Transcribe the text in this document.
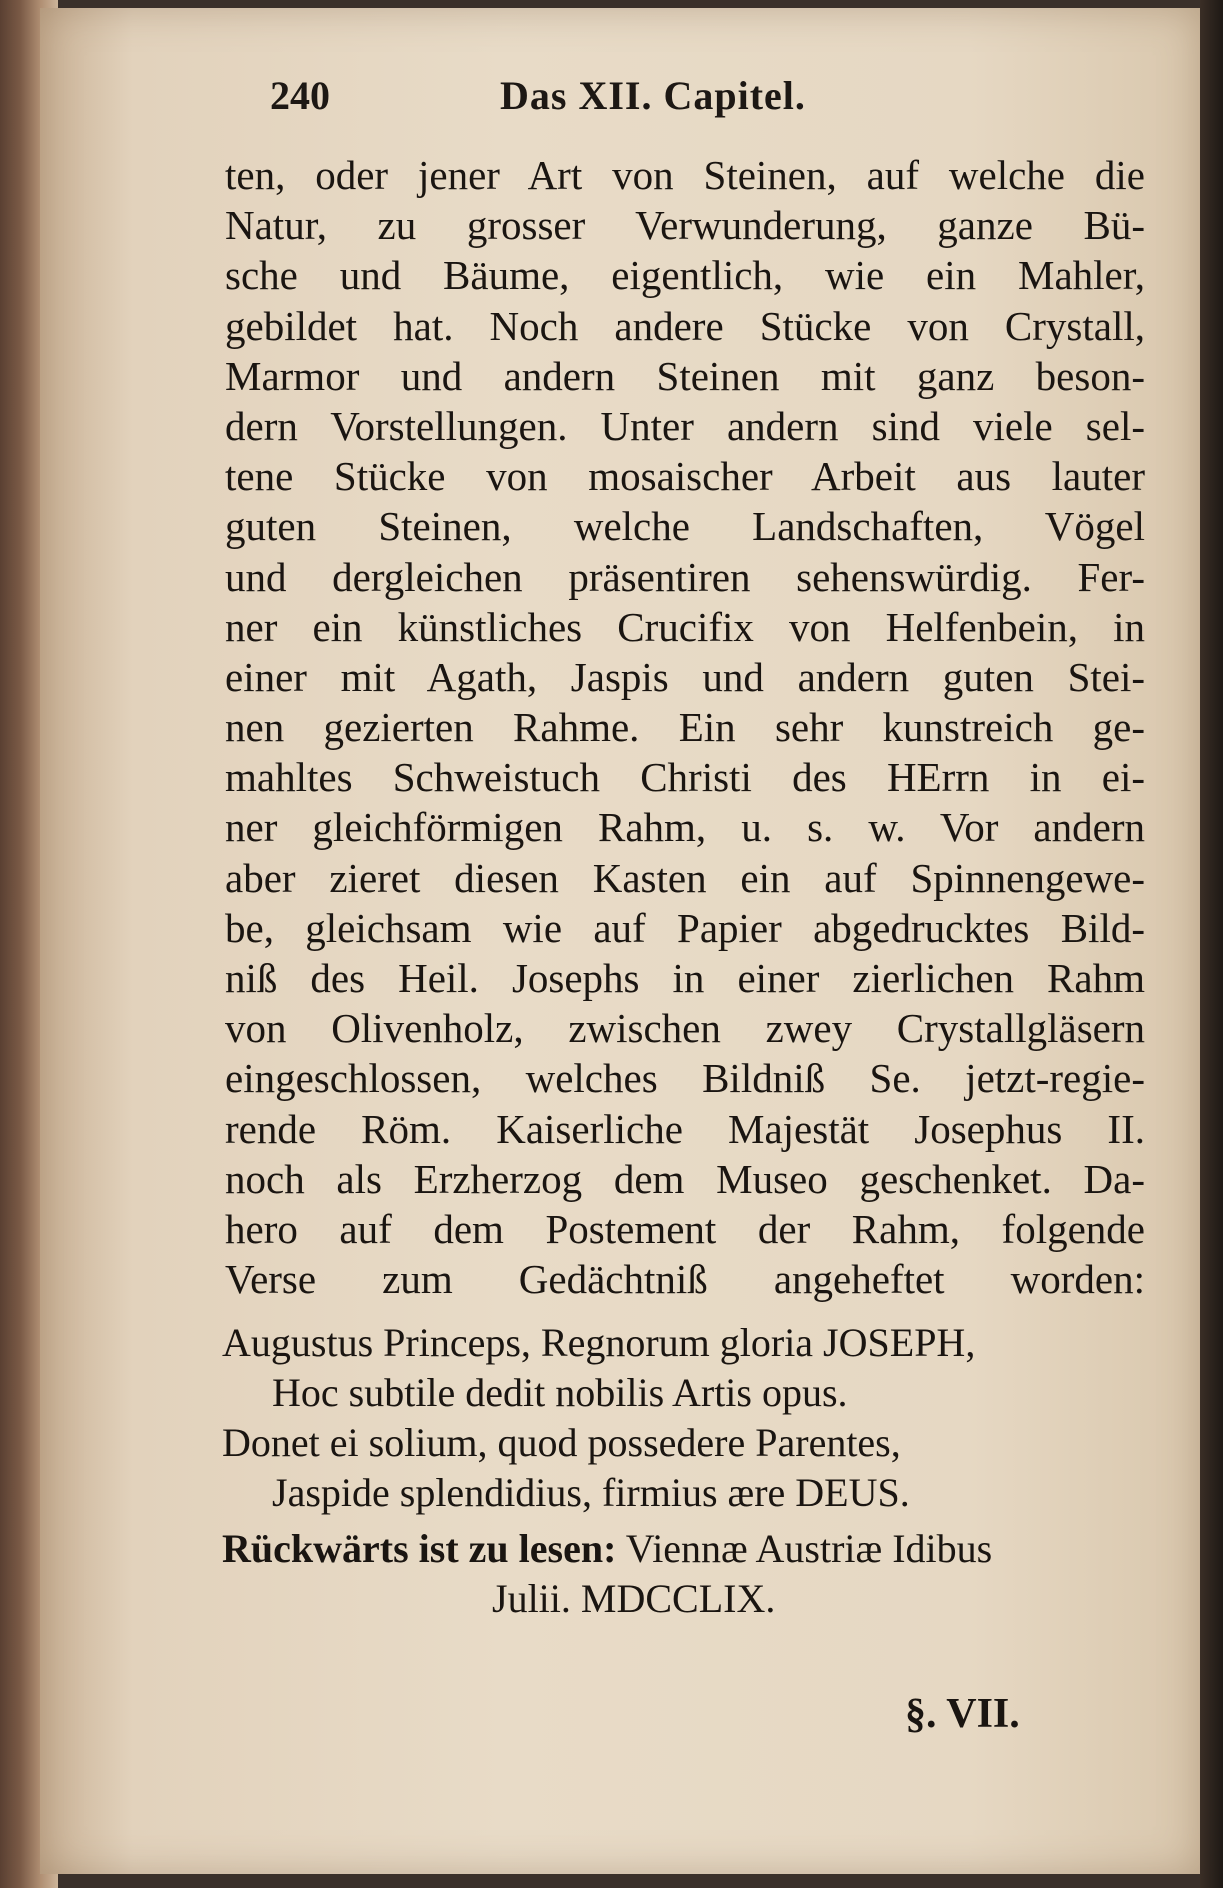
240	Das XII. Capitel.
ten, oder jener Art von Steinen, auf welche die
Natur, zu grosser Verwunderung, ganze Bü-
sche und Bäume, eigentlich, wie ein Mahler,
gebildet hat. Noch andere Stücke von Crystall,
Marmor und andern Steinen mit ganz beson-
dern Vorstellungen. Unter andern sind viele sel-
tene Stücke von mosaischer Arbeit aus lauter
guten Steinen, welche Landschaften, Vögel
und dergleichen präsentiren sehenswürdig. Fer-
ner ein künstliches Crucifix von Helfenbein, in
einer mit Agath, Jaspis und andern guten Stei-
nen gezierten Rahme. Ein sehr kunstreich ge-
mahltes Schweistuch Christi des HErrn in ei-
ner gleichförmigen Rahm, u. s. w. Vor andern
aber zieret diesen Kasten ein auf Spinnengewe-
be, gleichsam wie auf Papier abgedrucktes Bild-
niß des Heil. Josephs in einer zierlichen Rahm
von Olivenholz, zwischen zwey Crystallgläsern
eingeschlossen, welches Bildniß Se. jetzt-regie-
rende Röm. Kaiserliche Majestät Josephus II.
noch als Erzherzog dem Museo geschenket. Da-
hero auf dem Postement der Rahm, folgende
Verse zum Gedächtniß angeheftet worden:
Augustus Princeps, Regnorum gloria JOSEPH,
Hoc subtile dedit nobilis Artis opus.
Donet ei solium, quod possedere Parentes,
Jaspide splendidius, firmius ære DEUS.
Rückwärts ist zu lesen: Viennæ Austriæ Idibus
Julii. MDCCLIX.
§. VII.
